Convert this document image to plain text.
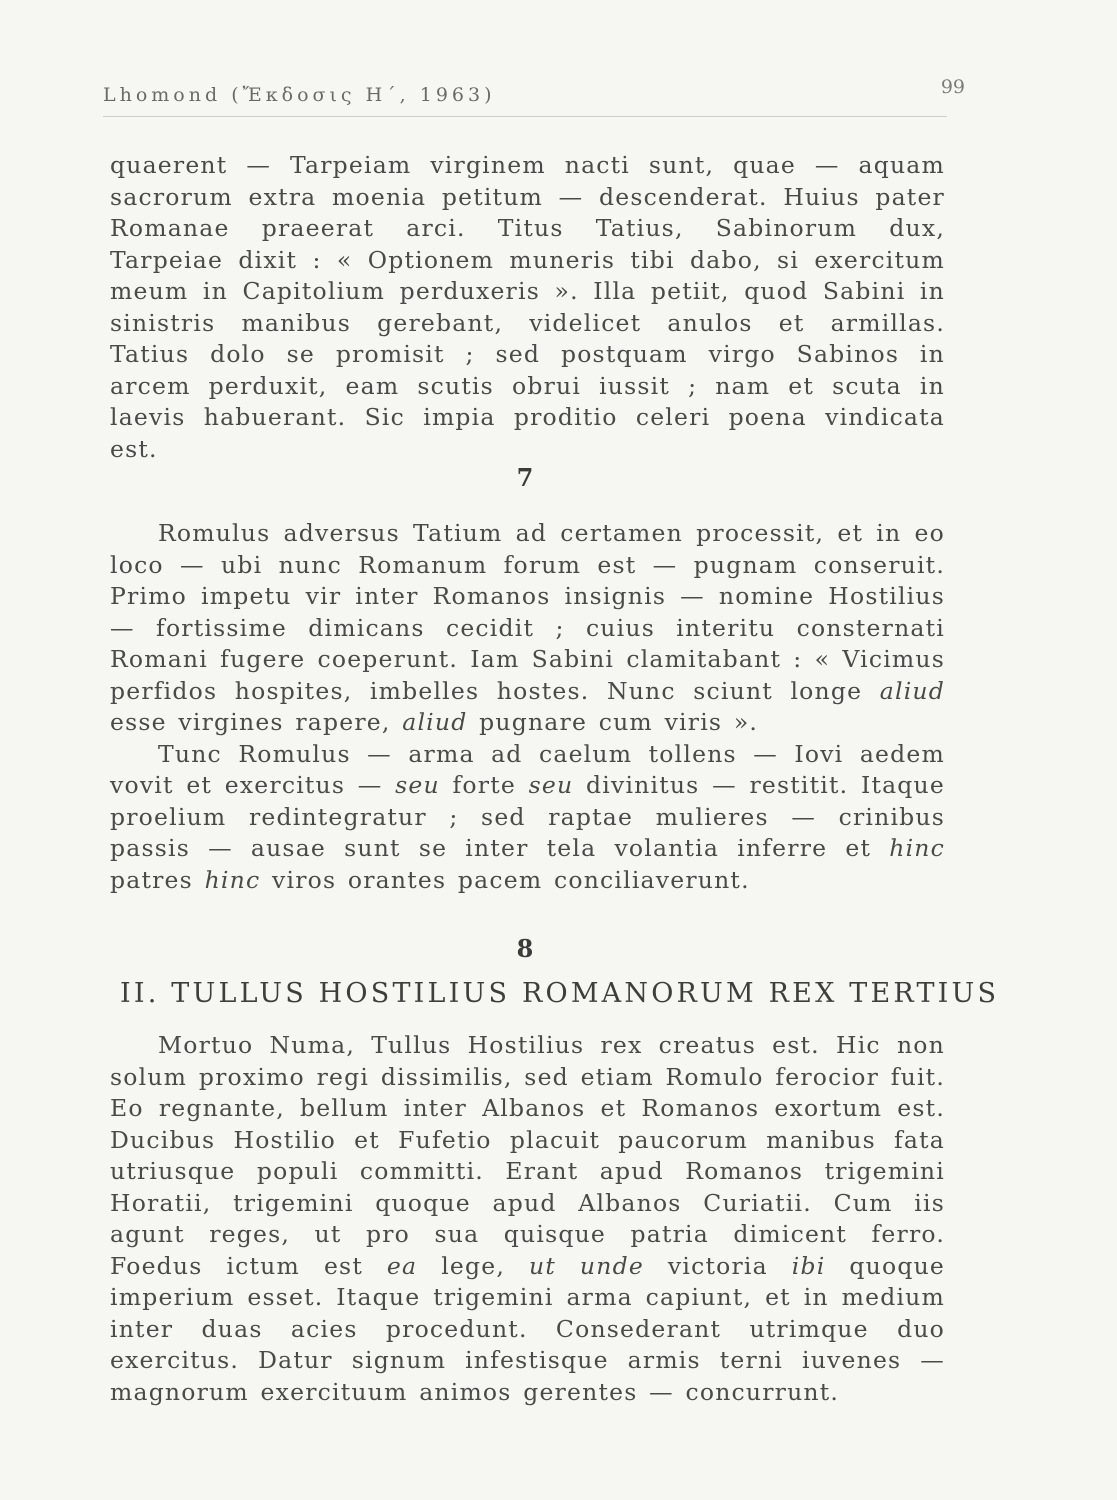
Lhomond (Ἔκδοσις Η΄, 1963)	99

quaerent — Tarpeiam virginem nacti sunt, quae — aquam sacrorum extra moenia petitum — descenderat. Huius pater Romanae praeerat arci. Titus Tatius, Sabinorum dux, Tarpeiae dixit : « Optionem muneris tibi dabo, si exercitum meum in Capitolium perduxeris ». Illa petiit, quod Sabini in sinistris manibus gerebant, videlicet anulos et armillas. Tatius dolo se promisit ; sed postquam virgo Sabinos in arcem perduxit, eam scutis obrui iussit ; nam et scuta in laevis habuerant. Sic impia proditio celeri poena vindicata est.

7

Romulus adversus Tatium ad certamen processit, et in eo loco — ubi nunc Romanum forum est — pugnam conseruit. Primo impetu vir inter Romanos insignis — nomine Hostilius — fortissime dimicans cecidit ; cuius interitu consternati Romani fugere coeperunt. Iam Sabini clamitabant : « Vicimus perfidos hospites, imbelles hostes. Nunc sciunt longe aliud esse virgines rapere, aliud pugnare cum viris ».

Tunc Romulus — arma ad caelum tollens — Iovi aedem vovit et exercitus — seu forte seu divinitus — restitit. Itaque proelium redintegratur ; sed raptae mulieres — crinibus passis — ausae sunt se inter tela volantia inferre et hinc patres hinc viros orantes pacem conciliaverunt.

8
II. TULLUS HOSTILIUS ROMANORUM REX TERTIUS

Mortuo Numa, Tullus Hostilius rex creatus est. Hic non solum proximo regi dissimilis, sed etiam Romulo ferocior fuit. Eo regnante, bellum inter Albanos et Romanos exortum est. Ducibus Hostilio et Fufetio placuit paucorum manibus fata utriusque populi committi. Erant apud Romanos trigemini Horatii, trigemini quoque apud Albanos Curiatii. Cum iis agunt reges, ut pro sua quisque patria dimicent ferro. Foedus ictum est ea lege, ut unde victoria ibi quoque imperium esset. Itaque trigemini arma capiunt, et in medium inter duas acies procedunt. Consederant utrimque duo exercitus. Datur signum infestisque armis terni iuvenes — magnorum exercituum animos gerentes — concurrunt.
